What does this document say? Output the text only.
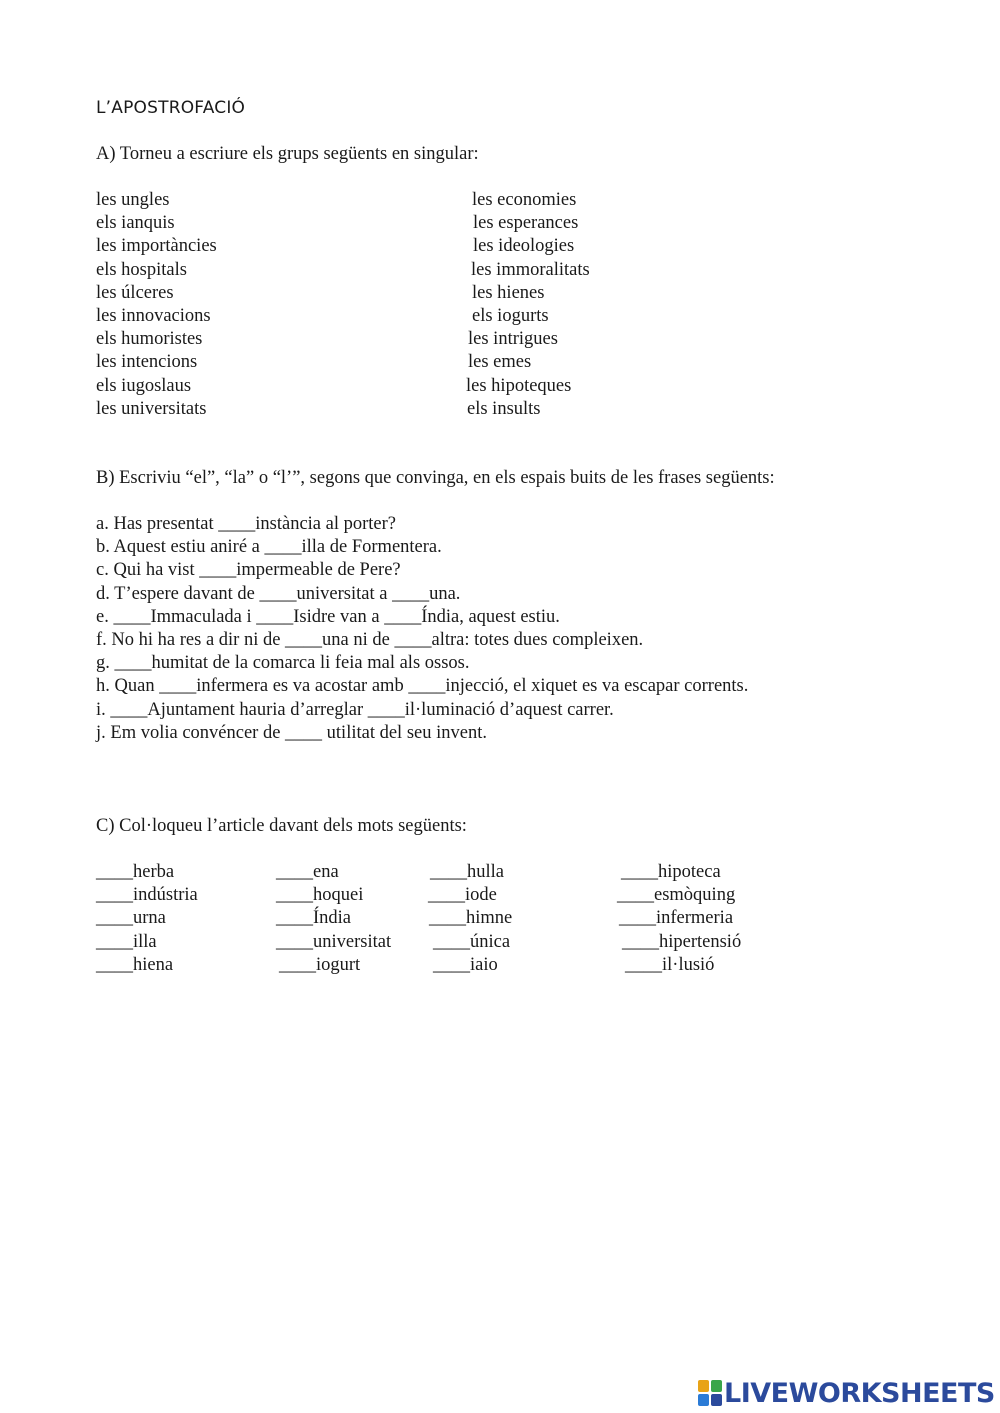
L’APOSTROFACIÓ
A) Torneu a escriure els grups següents en singular:
les ungles
els ianquis
les importàncies
els hospitals
les úlceres
les innovacions
els humoristes
les intencions
els iugoslaus
les universitats
les economies
les esperances
les ideologies
les immoralitats
les hienes
els iogurts
les intrigues
les emes
les hipoteques
els insults
B) Escriviu “el”, “la” o “l’”, segons que convinga, en els espais buits de les frases següents:
a. Has presentat ____instància al porter?
b. Aquest estiu aniré a ____illa de Formentera.
c. Qui ha vist ____impermeable de Pere?
d. T’espere davant de ____universitat a ____una.
e. ____Immaculada i ____Isidre van a ____Índia, aquest estiu.
f. No hi ha res a dir ni de ____una ni de ____altra: totes dues compleixen.
g. ____humitat de la comarca li feia mal als ossos.
h. Quan ____infermera es va acostar amb ____injecció, el xiquet es va escapar corrents.
i. ____Ajuntament hauria d’arreglar ____il·luminació d’aquest carrer.
j. Em volia convéncer de ____ utilitat del seu invent.
C) Col·loqueu l’article davant dels mots següents:
____herba
____indústria
____urna
____illa
____hiena
____ena
____hoquei
____Índia
____universitat
____iogurt
____hulla
____iode
____himne
____única
____iaio
____hipoteca
____esmòquing
____infermeria
____hipertensió
____il·lusió
LIVEWORKSHEETS
